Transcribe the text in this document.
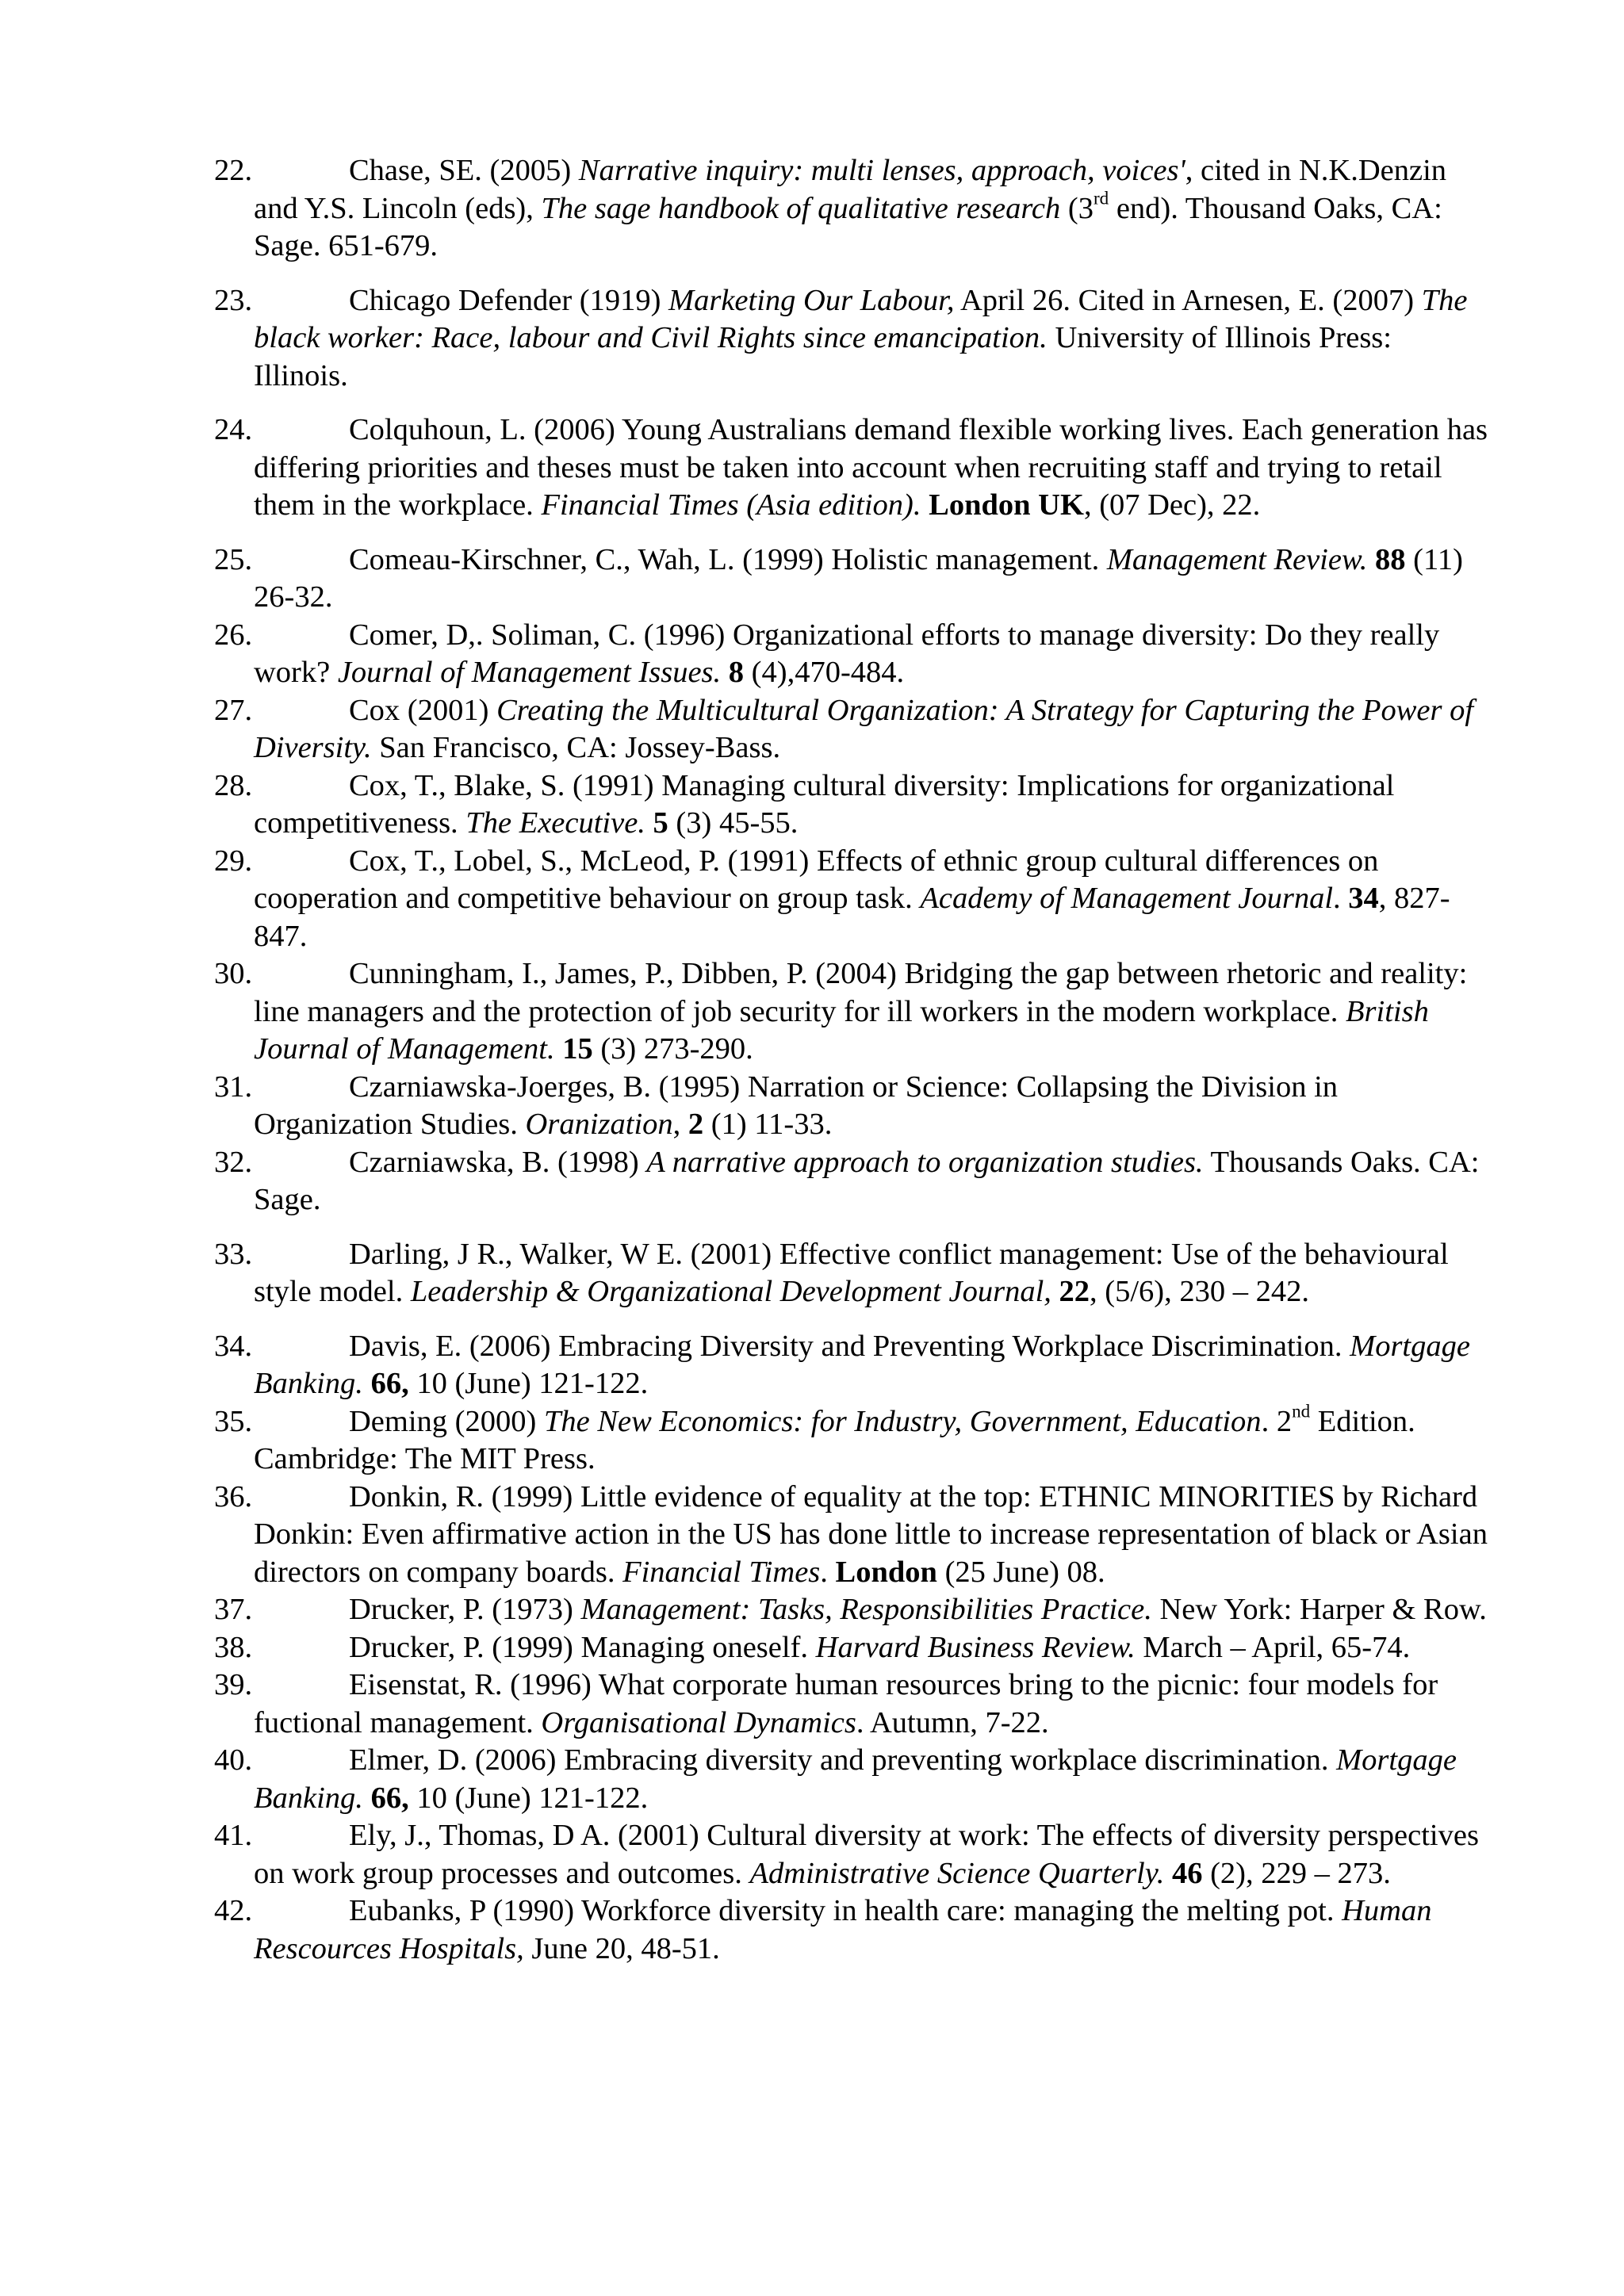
22.	Chase, SE. (2005) Narrative inquiry: multi lenses, approach, voices', cited in N.K.Denzin and Y.S. Lincoln (eds), The sage handbook of qualitative research (3rd end). Thousand Oaks, CA: Sage. 651-679.
23.	Chicago Defender (1919) Marketing Our Labour, April 26. Cited in Arnesen, E. (2007) The black worker: Race, labour and Civil Rights since emancipation. University of Illinois Press: Illinois.
24.	Colquhoun, L. (2006) Young Australians demand flexible working lives. Each generation has differing priorities and theses must be taken into account when recruiting staff and trying to retail them in the workplace. Financial Times (Asia edition). London UK, (07 Dec), 22.
25.	Comeau-Kirschner, C., Wah, L. (1999) Holistic management. Management Review. 88 (11) 26-32.
26.	Comer, D,. Soliman, C. (1996) Organizational efforts to manage diversity: Do they really work? Journal of Management Issues. 8 (4),470-484.
27.	Cox (2001) Creating the Multicultural Organization: A Strategy for Capturing the Power of Diversity. San Francisco, CA: Jossey-Bass.
28.	Cox, T., Blake, S. (1991) Managing cultural diversity: Implications for organizational competitiveness. The Executive. 5 (3) 45-55.
29.	Cox, T., Lobel, S., McLeod, P. (1991) Effects of ethnic group cultural differences on cooperation and competitive behaviour on group task. Academy of Management Journal. 34, 827-847.
30.	Cunningham, I., James, P., Dibben, P. (2004) Bridging the gap between rhetoric and reality: line managers and the protection of job security for ill workers in the modern workplace. British Journal of Management. 15 (3) 273-290.
31.	Czarniawska-Joerges, B. (1995) Narration or Science: Collapsing the Division in Organization Studies. Oranization, 2 (1) 11-33.
32.	Czarniawska, B. (1998) A narrative approach to organization studies. Thousands Oaks. CA: Sage.
33.	Darling, J R., Walker, W E. (2001) Effective conflict management: Use of the behavioural style model. Leadership & Organizational Development Journal, 22, (5/6), 230 – 242.
34.	Davis, E. (2006) Embracing Diversity and Preventing Workplace Discrimination. Mortgage Banking. 66, 10 (June) 121-122.
35.	Deming (2000) The New Economics: for Industry, Government, Education. 2nd Edition. Cambridge: The MIT Press.
36.	Donkin, R. (1999) Little evidence of equality at the top: ETHNIC MINORITIES by Richard Donkin: Even affirmative action in the US has done little to increase representation of black or Asian directors on company boards. Financial Times. London (25 June) 08.
37.	Drucker, P. (1973) Management: Tasks, Responsibilities Practice. New York: Harper & Row.
38.	Drucker, P. (1999) Managing oneself. Harvard Business Review. March – April, 65-74.
39.	Eisenstat, R. (1996) What corporate human resources bring to the picnic: four models for fuctional management. Organisational Dynamics. Autumn, 7-22.
40.	Elmer, D. (2006) Embracing diversity and preventing workplace discrimination. Mortgage Banking. 66, 10 (June) 121-122.
41.	Ely, J., Thomas, D A. (2001) Cultural diversity at work: The effects of diversity perspectives on work group processes and outcomes. Administrative Science Quarterly. 46 (2), 229 – 273.
42.	Eubanks, P (1990) Workforce diversity in health care: managing the melting pot. Human Rescources Hospitals, June 20, 48-51.
